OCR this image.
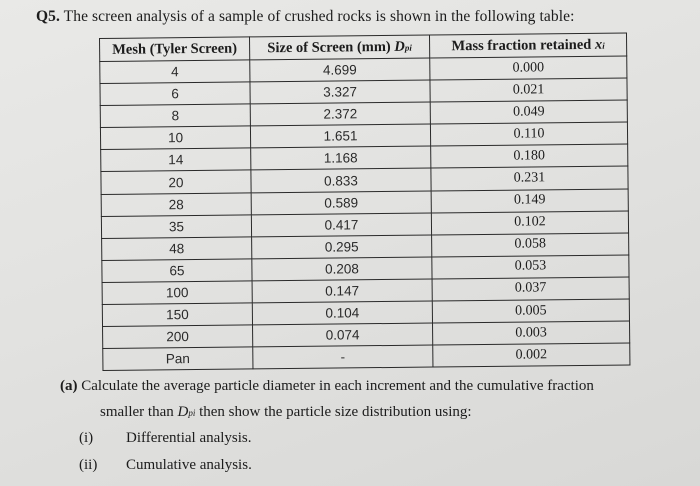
Q5. The screen analysis of a sample of crushed rocks is shown in the following table:
Mesh (Tyler Screen)	Size of Screen (mm) Dpi	Mass fraction retained xi
4	4.699	0.000
6	3.327	0.021
8	2.372	0.049
10	1.651	0.110
14	1.168	0.180
20	0.833	0.231
28	0.589	0.149
35	0.417	0.102
48	0.295	0.058
65	0.208	0.053
100	0.147	0.037
150	0.104	0.005
200	0.074	0.003
Pan	-	0.002
(a) Calculate the average particle diameter in each increment and the cumulative fraction
smaller than Dpi then show the particle size distribution using:
(i) Differential analysis.
(ii) Cumulative analysis.
